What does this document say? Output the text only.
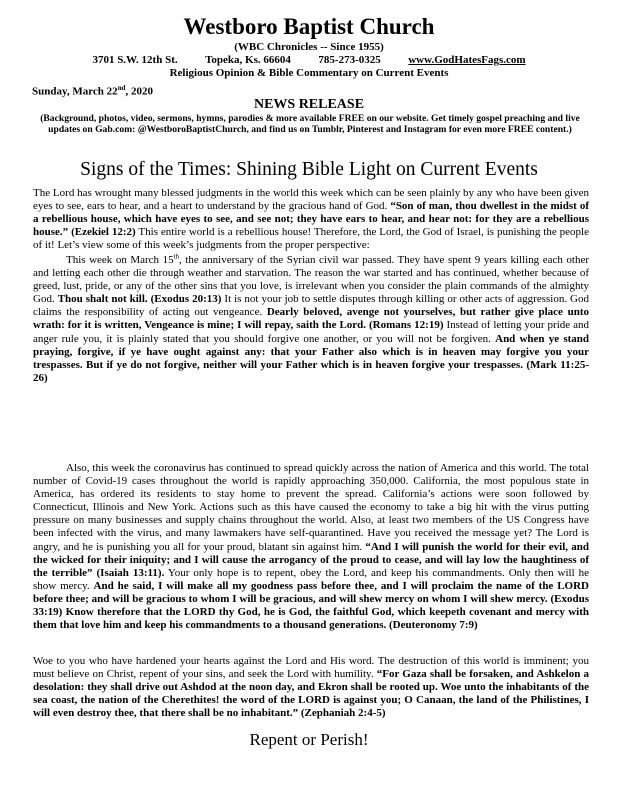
Westboro Baptist Church
(WBC Chronicles -- Since 1955)
3701 S.W. 12th St.	Topeka, Ks. 66604	785-273-0325	www.GodHatesFags.com
Religious Opinion & Bible Commentary on Current Events
Sunday, March 22nd, 2020
NEWS RELEASE
(Background, photos, video, sermons, hymns, parodies & more available FREE on our website. Get timely gospel preaching and live updates on Gab.com: @WestboroBaptistChurch, and find us on Tumblr, Pinterest and Instagram for even more FREE content.)
Signs of the Times: Shining Bible Light on Current Events

The Lord has wrought many blessed judgments in the world this week which can be seen plainly by any who have been given eyes to see, ears to hear, and a heart to understand by the gracious hand of God. “Son of man, thou dwellest in the midst of a rebellious house, which have eyes to see, and see not; they have ears to hear, and hear not: for they are a rebellious house.” (Ezekiel 12:2) This entire world is a rebellious house! Therefore, the Lord, the God of Israel, is punishing the people of it! Let’s view some of this week’s judgments from the proper perspective:

This week on March 15th, the anniversary of the Syrian civil war passed. They have spent 9 years killing each other and letting each other die through weather and starvation. The reason the war started and has continued, whether because of greed, lust, pride, or any of the other sins that you love, is irrelevant when you consider the plain commands of the almighty God. Thou shalt not kill. (Exodus 20:13) It is not your job to settle disputes through killing or other acts of aggression. God claims the responsibility of acting out vengeance. Dearly beloved, avenge not yourselves, but rather give place unto wrath: for it is written, Vengeance is mine; I will repay, saith the Lord. (Romans 12:19) Instead of letting your pride and anger rule you, it is plainly stated that you should forgive one another, or you will not be forgiven. And when ye stand praying, forgive, if ye have ought against any: that your Father also which is in heaven may forgive you your trespasses. But if ye do not forgive, neither will your Father which is in heaven forgive your trespasses. (Mark 11:25-26)

Also, this week the coronavirus has continued to spread quickly across the nation of America and this world. The total number of Covid-19 cases throughout the world is rapidly approaching 350,000. California, the most populous state in America, has ordered its residents to stay home to prevent the spread. California’s actions were soon followed by Connecticut, Illinois and New York. Actions such as this have caused the economy to take a big hit with the virus putting pressure on many businesses and supply chains throughout the world. Also, at least two members of the US Congress have been infected with the virus, and many lawmakers have self-quarantined. Have you received the message yet? The Lord is angry, and he is punishing you all for your proud, blatant sin against him. “And I will punish the world for their evil, and the wicked for their iniquity; and I will cause the arrogancy of the proud to cease, and will lay low the haughtiness of the terrible” (Isaiah 13:11). Your only hope is to repent, obey the Lord, and keep his commandments. Only then will he show mercy. And he said, I will make all my goodness pass before thee, and I will proclaim the name of the LORD before thee; and will be gracious to whom I will be gracious, and will shew mercy on whom I will shew mercy. (Exodus 33:19) Know therefore that the LORD thy God, he is God, the faithful God, which keepeth covenant and mercy with them that love him and keep his commandments to a thousand generations. (Deuteronomy 7:9)

Woe to you who have hardened your hearts against the Lord and His word. The destruction of this world is imminent; you must believe on Christ, repent of your sins, and seek the Lord with humility. “For Gaza shall be forsaken, and Ashkelon a desolation: they shall drive out Ashdod at the noon day, and Ekron shall be rooted up. Woe unto the inhabitants of the sea coast, the nation of the Cherethites! the word of the LORD is against you; O Canaan, the land of the Philistines, I will even destroy thee, that there shall be no inhabitant.” (Zephaniah 2:4-5)

Repent or Perish!
